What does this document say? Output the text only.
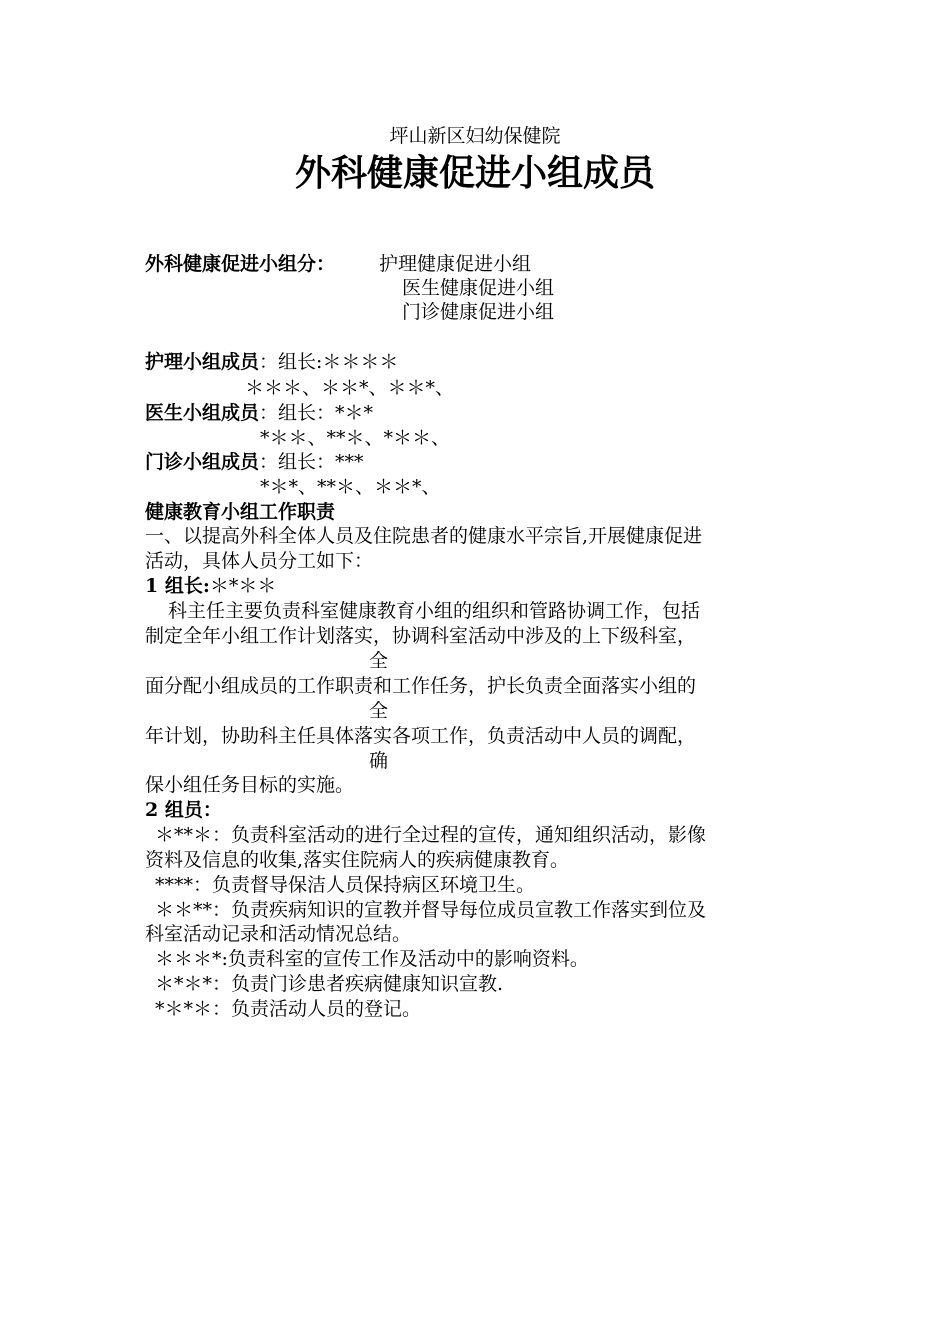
坪山新区妇幼保健院
外科健康促进小组成员
外科健康促进小组分： 护理健康促进小组
医生健康促进小组
门诊健康促进小组
护理小组成员：组长:＊＊＊＊
＊＊＊、＊＊*、＊＊*、
医生小组成员：组长：*＊*
*＊＊、**＊、*＊＊、
门诊小组成员：组长：***
*＊*、**＊、＊＊*、
健康教育小组工作职责
一、以提高外科全体人员及住院患者的健康水平宗旨,开展健康促进
活动，具体人员分工如下：
1 组长:＊*＊＊
科主任主要负责科室健康教育小组的组织和管路协调工作，包括
制定全年小组工作计划落实，协调科室活动中涉及的上下级科室，
全
面分配小组成员的工作职责和工作任务，护长负责全面落实小组的
全
年计划，协助科主任具体落实各项工作，负责活动中人员的调配，
确
保小组任务目标的实施。
2 组员：
＊**＊：负责科室活动的进行全过程的宣传，通知组织活动，影像
资料及信息的收集,落实住院病人的疾病健康教育。
****：负责督导保洁人员保持病区环境卫生。
＊＊**：负责疾病知识的宣教并督导每位成员宣教工作落实到位及
科室活动记录和活动情况总结。
＊＊＊*:负责科室的宣传工作及活动中的影响资料。
＊*＊*：负责门诊患者疾病健康知识宣教.
*＊*＊：负责活动人员的登记。
